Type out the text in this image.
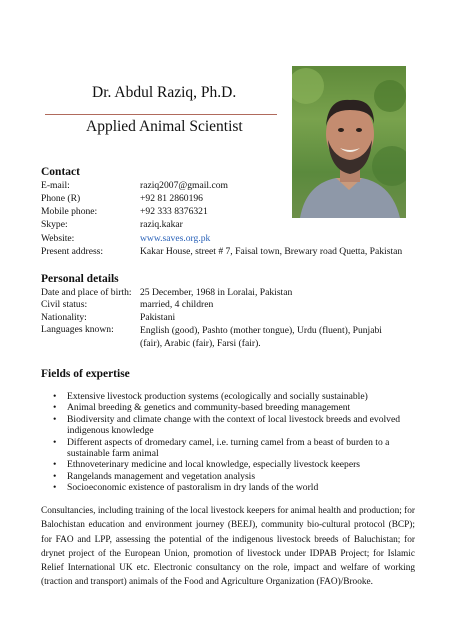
Dr. Abdul Raziq, Ph.D.
Applied Animal Scientist
Contact
E-mail:	raziq2007@gmail.com
Phone (R)	+92 81 2860196
Mobile phone:	+92 333 8376321
Skype:	raziq.kakar
Website:	www.saves.org.pk
Present address:	Kakar House, street # 7, Faisal town, Brewary road Quetta, Pakistan
Personal details
Date and place of birth: 25 December, 1968 in Loralai, Pakistan
Civil status:	married, 4 children
Nationality:	Pakistani
Languages known:	English (good), Pashto (mother tongue), Urdu (fluent), Punjabi (fair), Arabic (fair), Farsi (fair).
Fields of expertise
• Extensive livestock production systems (ecologically and socially sustainable)
• Animal breeding & genetics and community-based breeding management
• Biodiversity and climate change with the context of local livestock breeds and evolved indigenous knowledge
• Different aspects of dromedary camel, i.e. turning camel from a beast of burden to a sustainable farm animal
• Ethnoveterinary medicine and local knowledge, especially livestock keepers
• Rangelands management and vegetation analysis
• Socioeconomic existence of pastoralism in dry lands of the world
Consultancies, including training of the local livestock keepers for animal health and production; for Balochistan education and environment journey (BEEJ), community bio-cultural protocol (BCP); for FAO and LPP, assessing the potential of the indigenous livestock breeds of Baluchistan; for drynet project of the European Union, promotion of livestock under IDPAB Project; for Islamic Relief International UK etc. Electronic consultancy on the role, impact and welfare of working (traction and transport) animals of the Food and Agriculture Organization (FAO)/Brooke.
